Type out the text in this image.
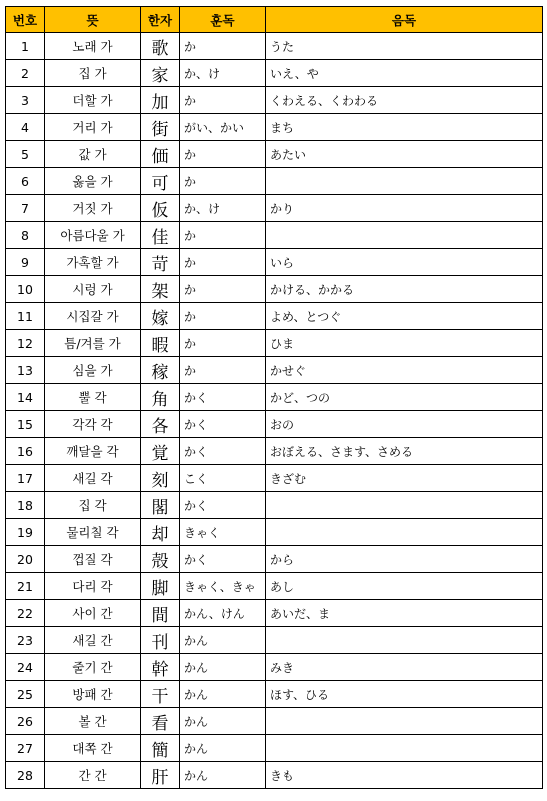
번호	뜻	한자	훈독	음독
1	노래 가	歌	か	うた
2	집 가	家	か、け	いえ、や
3	더할 가	加	か	くわえる、くわわる
4	거리 가	街	がい、かい	まち
5	값 가	価	か	あたい
6	옳을 가	可	か	
7	거짓 가	仮	か、け	かり
8	아름다울 가	佳	か	
9	가혹할 가	苛	か	いら
10	시렁 가	架	か	かける、かかる
11	시집갈 가	嫁	か	よめ、とつぐ
12	틈/겨를 가	暇	か	ひま
13	심을 가	稼	か	かせぐ
14	뿔 각	角	かく	かど、つの
15	각각 각	各	かく	おの
16	깨달을 각	覚	かく	おぼえる、さます、さめる
17	새길 각	刻	こく	きざむ
18	집 각	閣	かく	
19	물리칠 각	却	きゃく	
20	껍질 각	殻	かく	から
21	다리 각	脚	きゃく、きゃ	あし
22	사이 간	間	かん、けん	あいだ、ま
23	새길 간	刊	かん	
24	줄기 간	幹	かん	みき
25	방패 간	干	かん	ほす、ひる
26	볼 간	看	かん	
27	대쪽 간	簡	かん	
28	간 간	肝	かん	きも
